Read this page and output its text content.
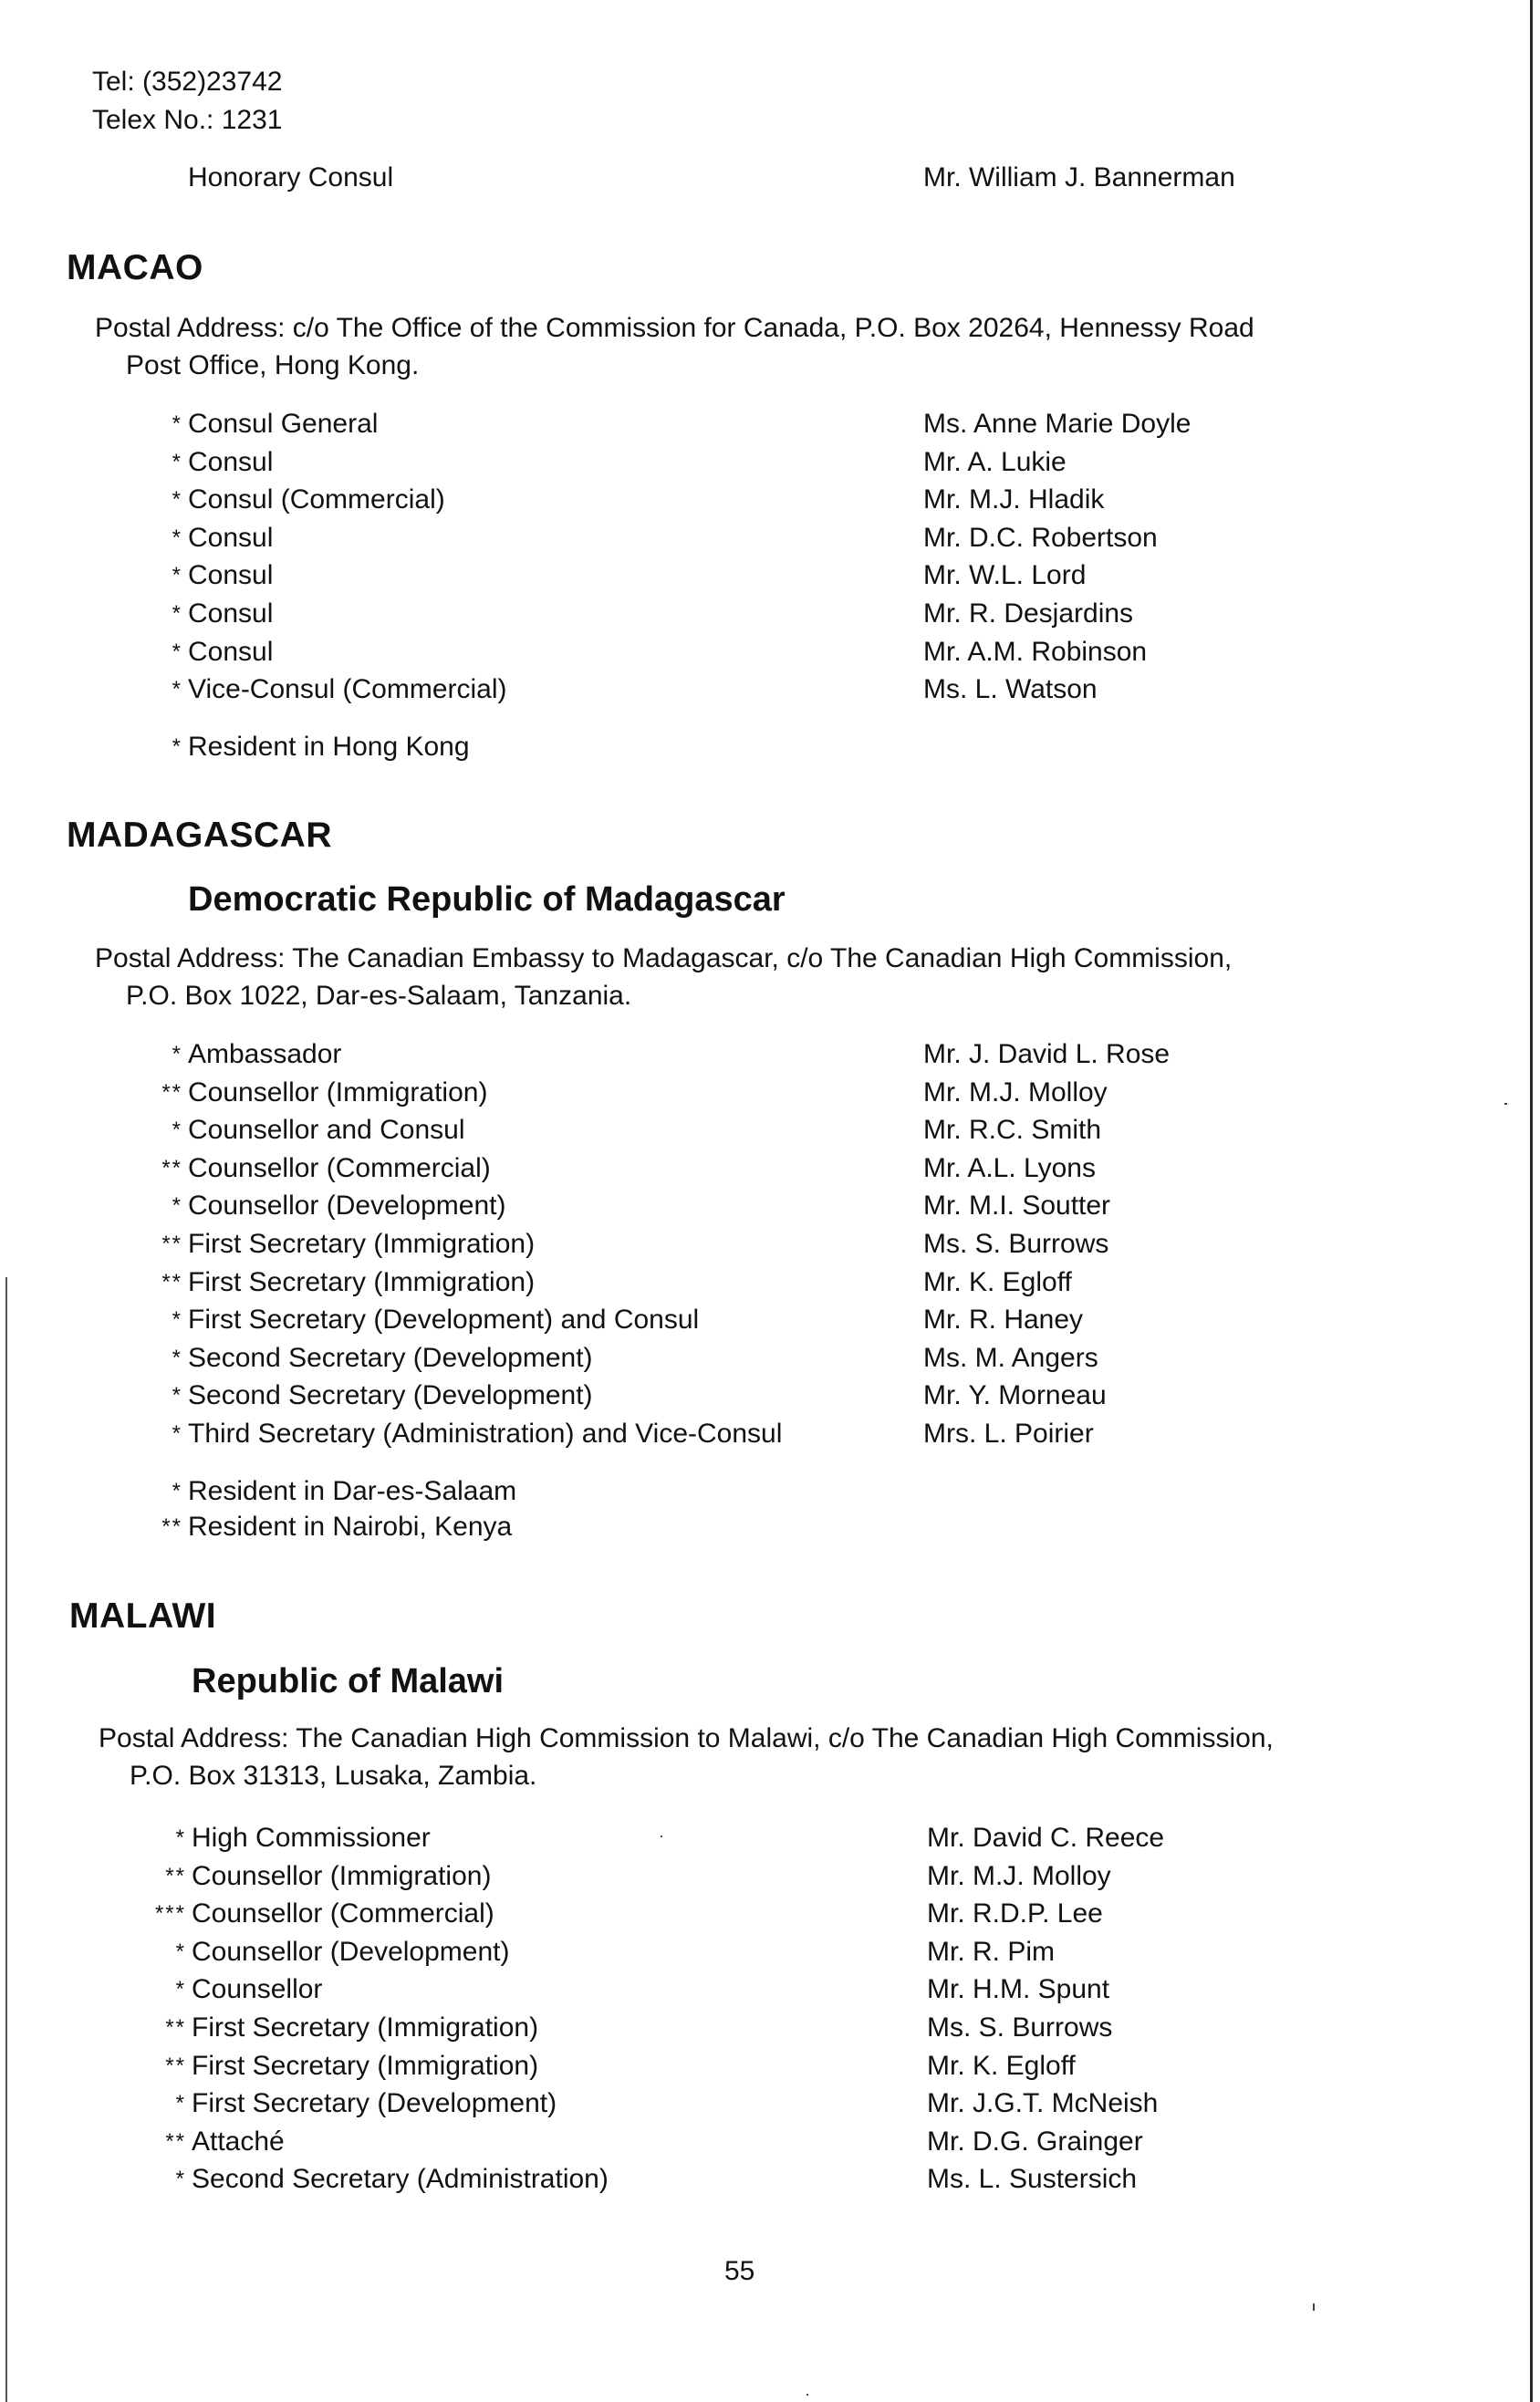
Tel: (352)23742
Telex No.: 1231
Honorary Consul	Mr. William J. Bannerman
MACAO
Postal Address: c/o The Office of the Commission for Canada, P.O. Box 20264, Hennessy Road
Post Office, Hong Kong.
* Consul General	Ms. Anne Marie Doyle
* Consul	Mr. A. Lukie
* Consul (Commercial)	Mr. M.J. Hladik
* Consul	Mr. D.C. Robertson
* Consul	Mr. W.L. Lord
* Consul	Mr. R. Desjardins
* Consul	Mr. A.M. Robinson
* Vice-Consul (Commercial)	Ms. L. Watson
* Resident in Hong Kong
MADAGASCAR
Democratic Republic of Madagascar
Postal Address: The Canadian Embassy to Madagascar, c/o The Canadian High Commission,
P.O. Box 1022, Dar-es-Salaam, Tanzania.
* Ambassador	Mr. J. David L. Rose
** Counsellor (Immigration)	Mr. M.J. Molloy
* Counsellor and Consul	Mr. R.C. Smith
** Counsellor (Commercial)	Mr. A.L. Lyons
* Counsellor (Development)	Mr. M.I. Soutter
** First Secretary (Immigration)	Ms. S. Burrows
** First Secretary (Immigration)	Mr. K. Egloff
* First Secretary (Development) and Consul	Mr. R. Haney
* Second Secretary (Development)	Ms. M. Angers
* Second Secretary (Development)	Mr. Y. Morneau
* Third Secretary (Administration) and Vice-Consul	Mrs. L. Poirier
* Resident in Dar-es-Salaam
** Resident in Nairobi, Kenya
MALAWI
Republic of Malawi
Postal Address: The Canadian High Commission to Malawi, c/o The Canadian High Commission,
P.O. Box 31313, Lusaka, Zambia.
* High Commissioner	Mr. David C. Reece
** Counsellor (Immigration)	Mr. M.J. Molloy
*** Counsellor (Commercial)	Mr. R.D.P. Lee
* Counsellor (Development)	Mr. R. Pim
* Counsellor	Mr. H.M. Spunt
** First Secretary (Immigration)	Ms. S. Burrows
** First Secretary (Immigration)	Mr. K. Egloff
* First Secretary (Development)	Mr. J.G.T. McNeish
** Attaché	Mr. D.G. Grainger
* Second Secretary (Administration)	Ms. L. Sustersich
55
